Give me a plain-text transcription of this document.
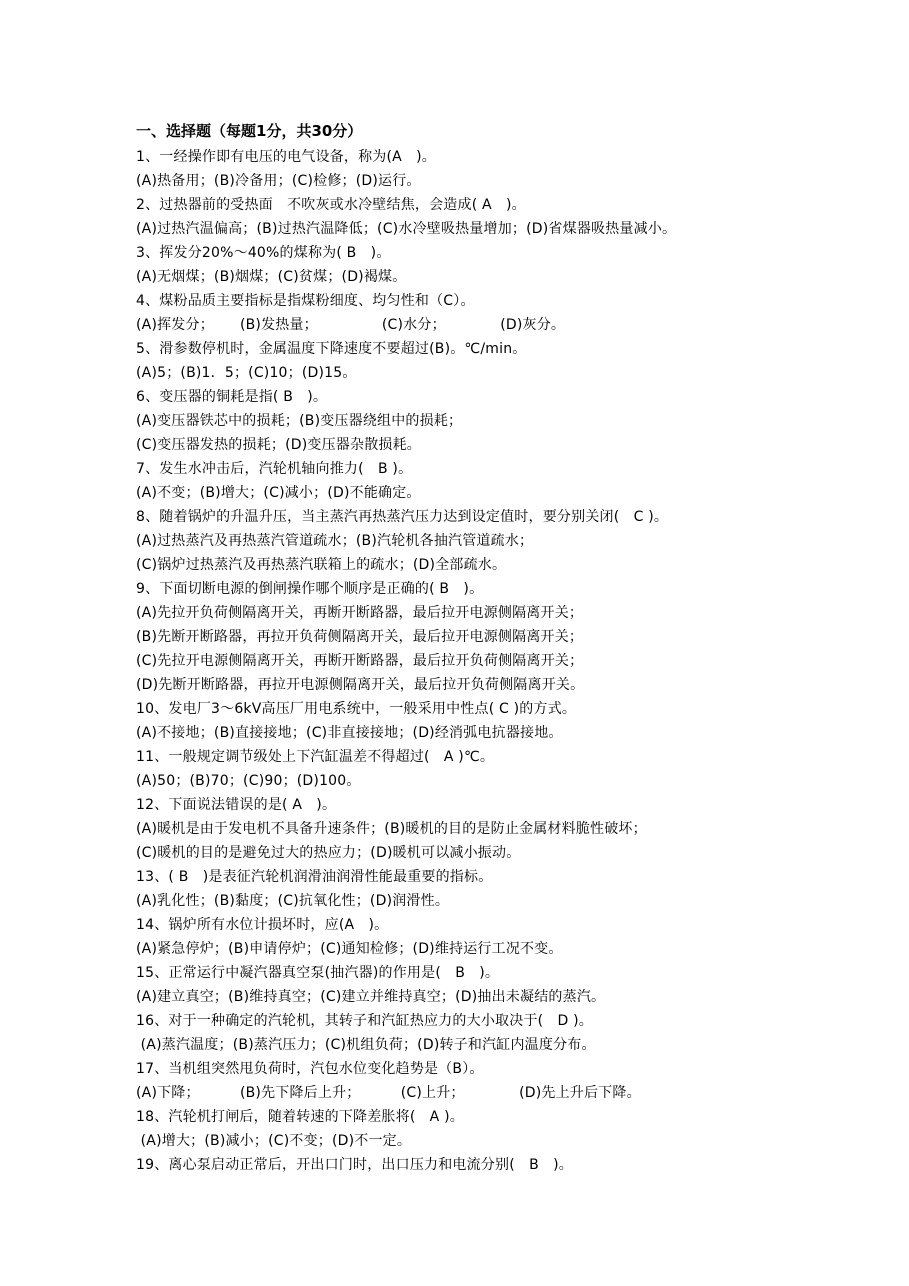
一、选择题（每题1分，共30分）
1、一经操作即有电压的电气设备，称为(A　)。
(A)热备用；(B)冷备用；(C)检修；(D)运行。
2、过热器前的受热面　不吹灰或水冷壁结焦，会造成( A　)。
(A)过热汽温偏高；(B)过热汽温降低；(C)水冷壁吸热量增加；(D)省煤器吸热量减小。
3、挥发分20%～40%的煤称为( B　)。
(A)无烟煤；(B)烟煤；(C)贫煤；(D)褐煤。
4、煤粉品质主要指标是指煤粉细度、均匀性和（C）。
(A)挥发分；　　 (B)发热量；　　　　　(C)水分；　　　　 (D)灰分。
5、滑参数停机时，金属温度下降速度不要超过(B)。℃/min。
(A)5；(B)1．5；(C)10；(D)15。
6、变压器的铜耗是指( B　)。
(A)变压器铁芯中的损耗；(B)变压器绕组中的损耗；
(C)变压器发热的损耗；(D)变压器杂散损耗。
7、发生水冲击后，汽轮机轴向推力(　B )。
(A)不变；(B)增大；(C)减小；(D)不能确定。
8、随着锅炉的升温升压，当主蒸汽再热蒸汽压力达到设定值时，要分别关闭(　C )。
(A)过热蒸汽及再热蒸汽管道疏水；(B)汽轮机各抽汽管道疏水；
(C)锅炉过热蒸汽及再热蒸汽联箱上的疏水；(D)全部疏水。
9、下面切断电源的倒闸操作哪个顺序是正确的( B　)。
(A)先拉开负荷侧隔离开关，再断开断路器，最后拉开电源侧隔离开关；
(B)先断开断路器，再拉开负荷侧隔离开关，最后拉开电源侧隔离开关；
(C)先拉开电源侧隔离开关，再断开断路器，最后拉开负荷侧隔离开关；
(D)先断开断路器，再拉开电源侧隔离开关，最后拉开负荷侧隔离开关。
10、发电厂3～6kV高压厂用电系统中，一般采用中性点( C )的方式。
(A)不接地；(B)直接接地；(C)非直接接地；(D)经消弧电抗器接地。
11、一般规定调节级处上下汽缸温差不得超过(　A )℃。
(A)50；(B)70；(C)90；(D)100。
12、下面说法错误的是( A　)。
(A)暖机是由于发电机不具备升速条件；(B)暖机的目的是防止金属材料脆性破坏；
(C)暖机的目的是避免过大的热应力；(D)暖机可以减小振动。
13、( B　)是表征汽轮机润滑油润滑性能最重要的指标。
(A)乳化性；(B)黏度；(C)抗氧化性；(D)润滑性。
14、锅炉所有水位计损坏时，应(A　)。
(A)紧急停炉；(B)申请停炉；(C)通知检修；(D)维持运行工况不变。
15、正常运行中凝汽器真空泵(抽汽器)的作用是(　B　)。
(A)建立真空；(B)维持真空；(C)建立并维持真空；(D)抽出未凝结的蒸汽。
16、对于一种确定的汽轮机，其转子和汽缸热应力的大小取决于(　D )。
(A)蒸汽温度；(B)蒸汽压力；(C)机组负荷；(D)转子和汽缸内温度分布。
17、当机组突然甩负荷时，汽包水位变化趋势是（B）。
(A)下降；　　　 (B)先下降后上升；　　　 (C)上升；　　　　 (D)先上升后下降。
18、汽轮机打闸后，随着转速的下降差胀将(　A )。
(A)增大；(B)减小；(C)不变；(D)不一定。
19、离心泵启动正常后，开出口门时，出口压力和电流分别(　B　)。
